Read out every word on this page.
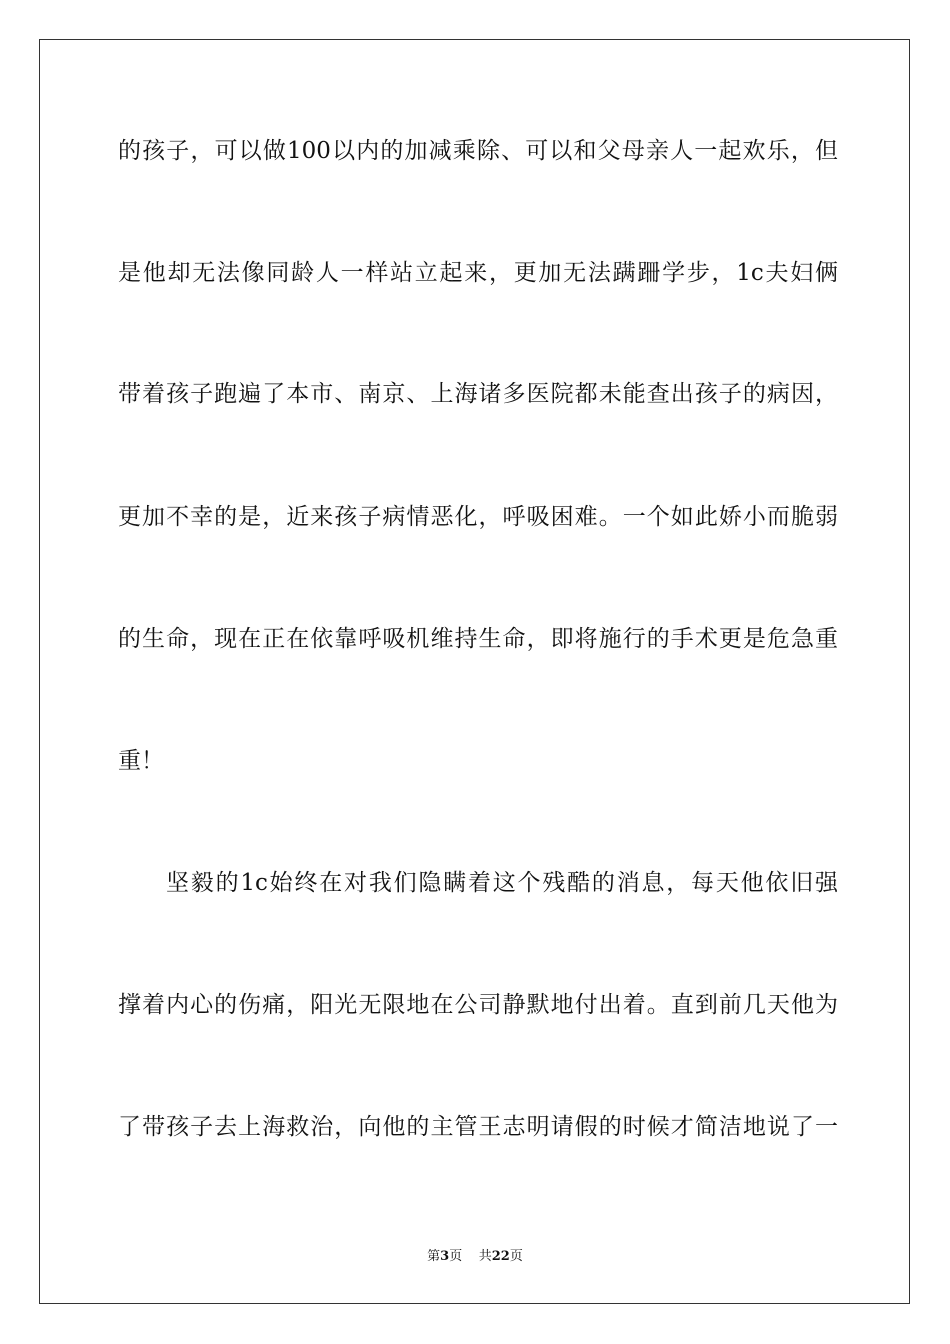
的孩子，可以做100以内的加减乘除、可以和父母亲人一起欢乐，但
是他却无法像同龄人一样站立起来，更加无法蹒跚学步，1c夫妇俩
带着孩子跑遍了本市、南京、上海诸多医院都未能查出孩子的病因，
更加不幸的是，近来孩子病情恶化，呼吸困难。一个如此娇小而脆弱
的生命，现在正在依靠呼吸机维持生命，即将施行的手术更是危急重
重！
坚毅的1c始终在对我们隐瞒着这个残酷的消息，每天他依旧强
撑着内心的伤痛，阳光无限地在公司静默地付出着。直到前几天他为
了带孩子去上海救治，向他的主管王志明请假的时候才简洁地说了一
第3页 共22页
